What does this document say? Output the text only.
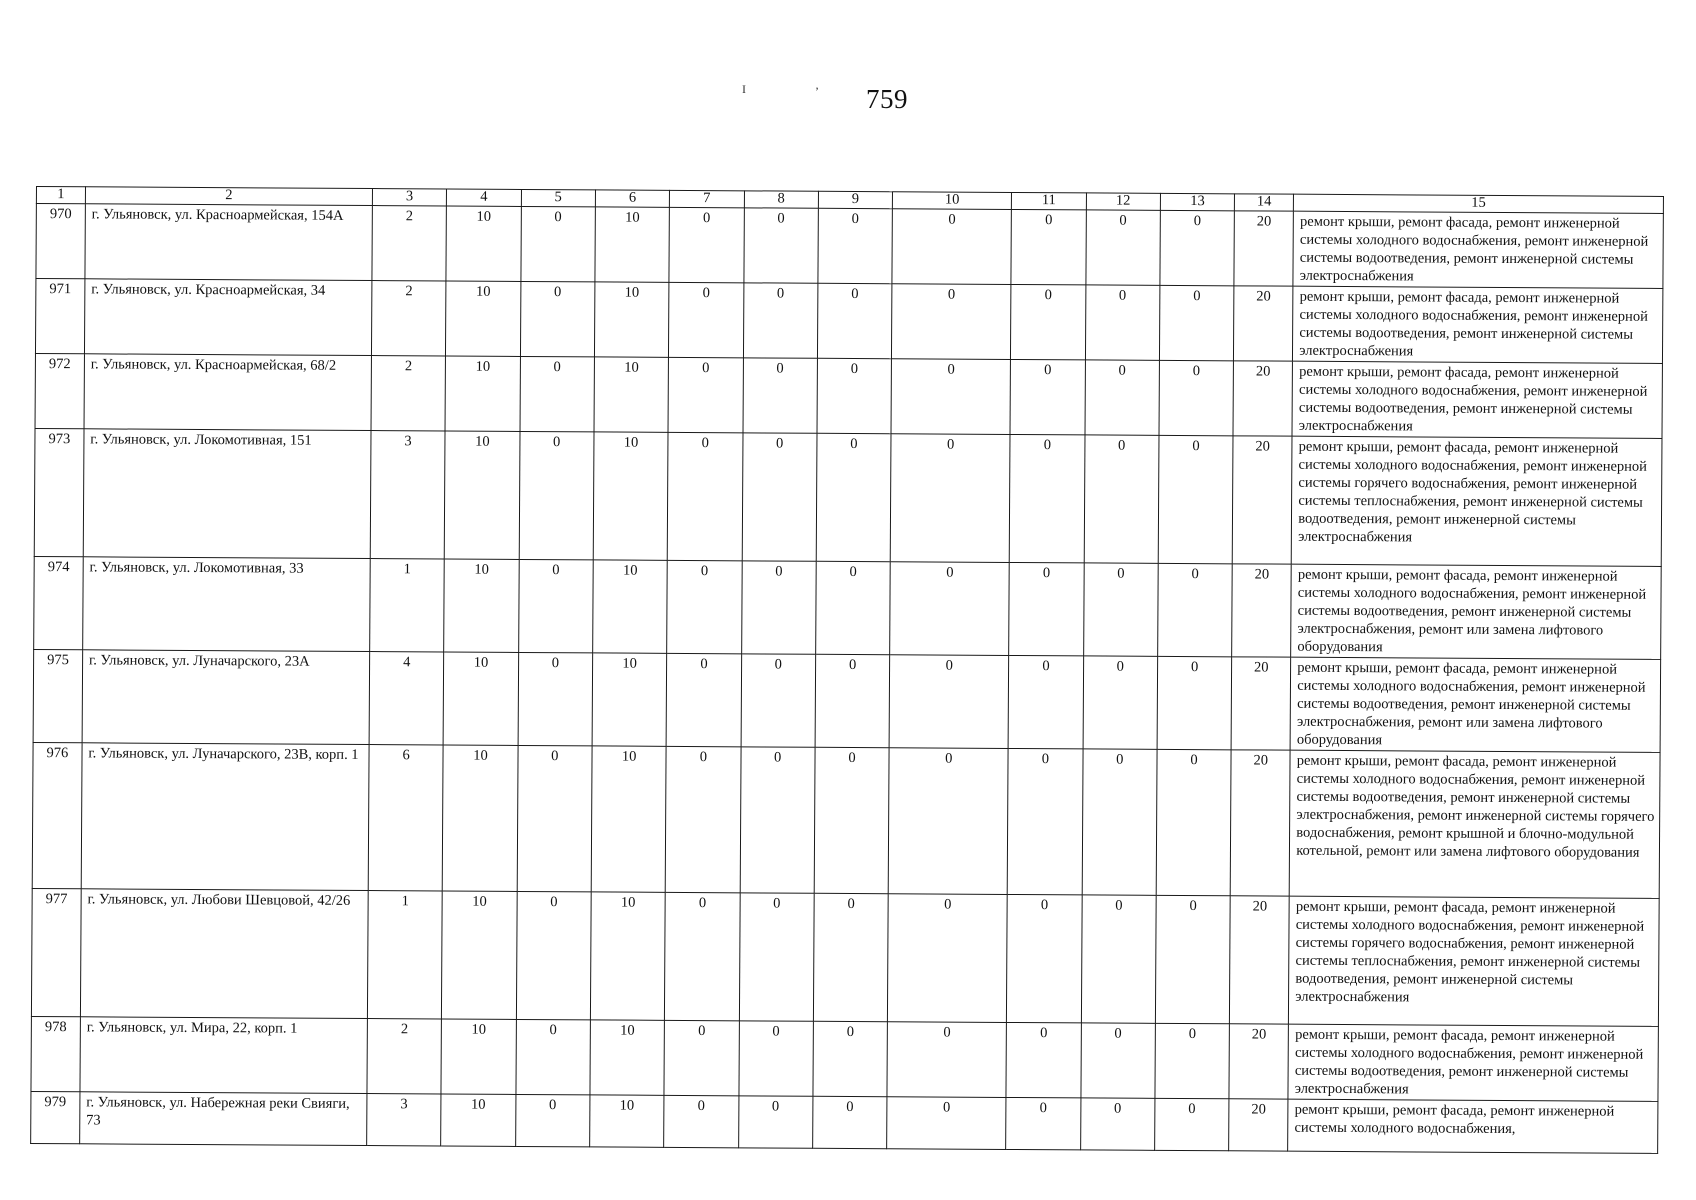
759
I	’
1	2	3	4	5	6	7	8	9	10	11	12	13	14	15
970	г. Ульяновск, ул. Красноармейская, 154А	2	10	0	10	0	0	0	0	0	0	0	20	ремонт крыши, ремонт фасада, ремонт инженерной системы холодного водоснабжения, ремонт инженерной системы водоотведения, ремонт инженерной системы электроснабжения
971	г. Ульяновск, ул. Красноармейская, 34	2	10	0	10	0	0	0	0	0	0	0	20	ремонт крыши, ремонт фасада, ремонт инженерной системы холодного водоснабжения, ремонт инженерной системы водоотведения, ремонт инженерной системы электроснабжения
972	г. Ульяновск, ул. Красноармейская, 68/2	2	10	0	10	0	0	0	0	0	0	0	20	ремонт крыши, ремонт фасада, ремонт инженерной системы холодного водоснабжения, ремонт инженерной системы водоотведения, ремонт инженерной системы электроснабжения
973	г. Ульяновск, ул. Локомотивная, 151	3	10	0	10	0	0	0	0	0	0	0	20	ремонт крыши, ремонт фасада, ремонт инженерной системы холодного водоснабжения, ремонт инженерной системы горячего водоснабжения, ремонт инженерной системы теплоснабжения, ремонт инженерной системы водоотведения, ремонт инженерной системы электроснабжения
974	г. Ульяновск, ул. Локомотивная, 33	1	10	0	10	0	0	0	0	0	0	0	20	ремонт крыши, ремонт фасада, ремонт инженерной системы холодного водоснабжения, ремонт инженерной системы водоотведения, ремонт инженерной системы электроснабжения, ремонт или замена лифтового оборудования
975	г. Ульяновск, ул. Луначарского, 23А	4	10	0	10	0	0	0	0	0	0	0	20	ремонт крыши, ремонт фасада, ремонт инженерной системы холодного водоснабжения, ремонт инженерной системы водоотведения, ремонт инженерной системы электроснабжения, ремонт или замена лифтового оборудования
976	г. Ульяновск, ул. Луначарского, 23В, корп. 1	6	10	0	10	0	0	0	0	0	0	0	20	ремонт крыши, ремонт фасада, ремонт инженерной системы холодного водоснабжения, ремонт инженерной системы водоотведения, ремонт инженерной системы электроснабжения, ремонт инженерной системы горячего водоснабжения, ремонт крышной и блочно-модульной котельной, ремонт или замена лифтового оборудования
977	г. Ульяновск, ул. Любови Шевцовой, 42/26	1	10	0	10	0	0	0	0	0	0	0	20	ремонт крыши, ремонт фасада, ремонт инженерной системы холодного водоснабжения, ремонт инженерной системы горячего водоснабжения, ремонт инженерной системы теплоснабжения, ремонт инженерной системы водоотведения, ремонт инженерной системы электроснабжения
978	г. Ульяновск, ул. Мира, 22, корп. 1	2	10	0	10	0	0	0	0	0	0	0	20	ремонт крыши, ремонт фасада, ремонт инженерной системы холодного водоснабжения, ремонт инженерной системы водоотведения, ремонт инженерной системы электроснабжения
979	г. Ульяновск, ул. Набережная реки Свияги, 73	3	10	0	10	0	0	0	0	0	0	0	20	ремонт крыши, ремонт фасада, ремонт инженерной системы холодного водоснабжения,
